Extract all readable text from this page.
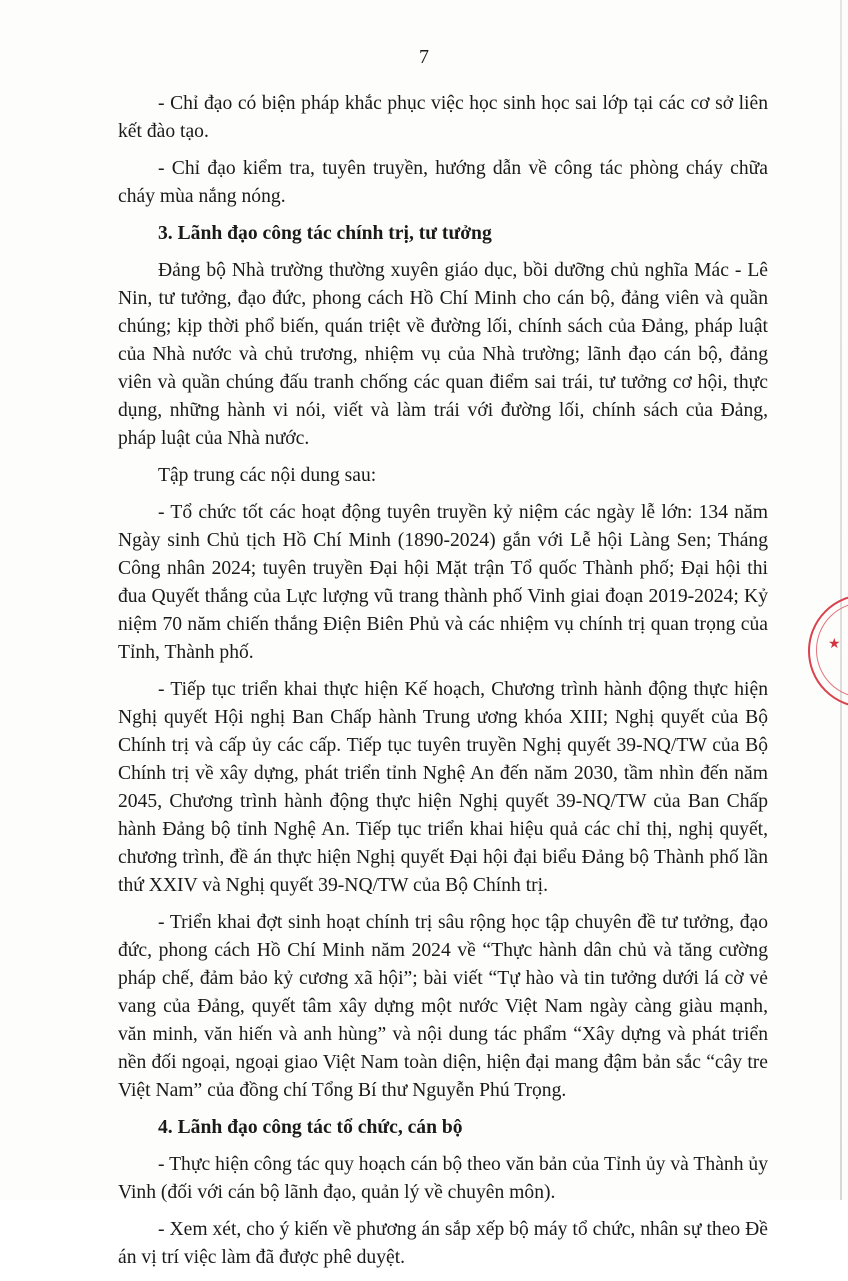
7

- Chỉ đạo có biện pháp khắc phục việc học sinh học sai lớp tại các cơ sở liên kết đào tạo.

- Chỉ đạo kiểm tra, tuyên truyền, hướng dẫn về công tác phòng cháy chữa cháy mùa nắng nóng.

3. Lãnh đạo công tác chính trị, tư tưởng

Đảng bộ Nhà trường thường xuyên giáo dục, bồi dưỡng chủ nghĩa Mác - Lê Nin, tư tưởng, đạo đức, phong cách Hồ Chí Minh cho cán bộ, đảng viên và quần chúng; kịp thời phổ biến, quán triệt về đường lối, chính sách của Đảng, pháp luật của Nhà nước và chủ trương, nhiệm vụ của Nhà trường; lãnh đạo cán bộ, đảng viên và quần chúng đấu tranh chống các quan điểm sai trái, tư tưởng cơ hội, thực dụng, những hành vi nói, viết và làm trái với đường lối, chính sách của Đảng, pháp luật của Nhà nước.

Tập trung các nội dung sau:

- Tổ chức tốt các hoạt động tuyên truyền kỷ niệm các ngày lễ lớn: 134 năm Ngày sinh Chủ tịch Hồ Chí Minh (1890-2024) gắn với Lễ hội Làng Sen; Tháng Công nhân 2024; tuyên truyền Đại hội Mặt trận Tổ quốc Thành phố; Đại hội thi đua Quyết thắng của Lực lượng vũ trang thành phố Vinh giai đoạn 2019-2024; Kỷ niệm 70 năm chiến thắng Điện Biên Phủ và các nhiệm vụ chính trị quan trọng của Tỉnh, Thành phố.

- Tiếp tục triển khai thực hiện Kế hoạch, Chương trình hành động thực hiện Nghị quyết Hội nghị Ban Chấp hành Trung ương khóa XIII; Nghị quyết của Bộ Chính trị và cấp ủy các cấp. Tiếp tục tuyên truyền Nghị quyết 39-NQ/TW của Bộ Chính trị về xây dựng, phát triển tỉnh Nghệ An đến năm 2030, tầm nhìn đến năm 2045, Chương trình hành động thực hiện Nghị quyết 39-NQ/TW của Ban Chấp hành Đảng bộ tỉnh Nghệ An. Tiếp tục triển khai hiệu quả các chỉ thị, nghị quyết, chương trình, đề án thực hiện Nghị quyết Đại hội đại biểu Đảng bộ Thành phố lần thứ XXIV và Nghị quyết 39-NQ/TW của Bộ Chính trị.

- Triển khai đợt sinh hoạt chính trị sâu rộng học tập chuyên đề tư tưởng, đạo đức, phong cách Hồ Chí Minh năm 2024 về “Thực hành dân chủ và tăng cường pháp chế, đảm bảo kỷ cương xã hội”; bài viết “Tự hào và tin tưởng dưới lá cờ vẻ vang của Đảng, quyết tâm xây dựng một nước Việt Nam ngày càng giàu mạnh, văn minh, văn hiến và anh hùng” và nội dung tác phẩm “Xây dựng và phát triển nền đối ngoại, ngoại giao Việt Nam toàn diện, hiện đại mang đậm bản sắc “cây tre Việt Nam” của đồng chí Tổng Bí thư Nguyễn Phú Trọng.

4. Lãnh đạo công tác tổ chức, cán bộ

- Thực hiện công tác quy hoạch cán bộ theo văn bản của Tỉnh ủy và Thành ủy Vinh (đối với cán bộ lãnh đạo, quản lý về chuyên môn).

- Xem xét, cho ý kiến về phương án sắp xếp bộ máy tổ chức, nhân sự theo Đề án vị trí việc làm đã được phê duyệt.

★
